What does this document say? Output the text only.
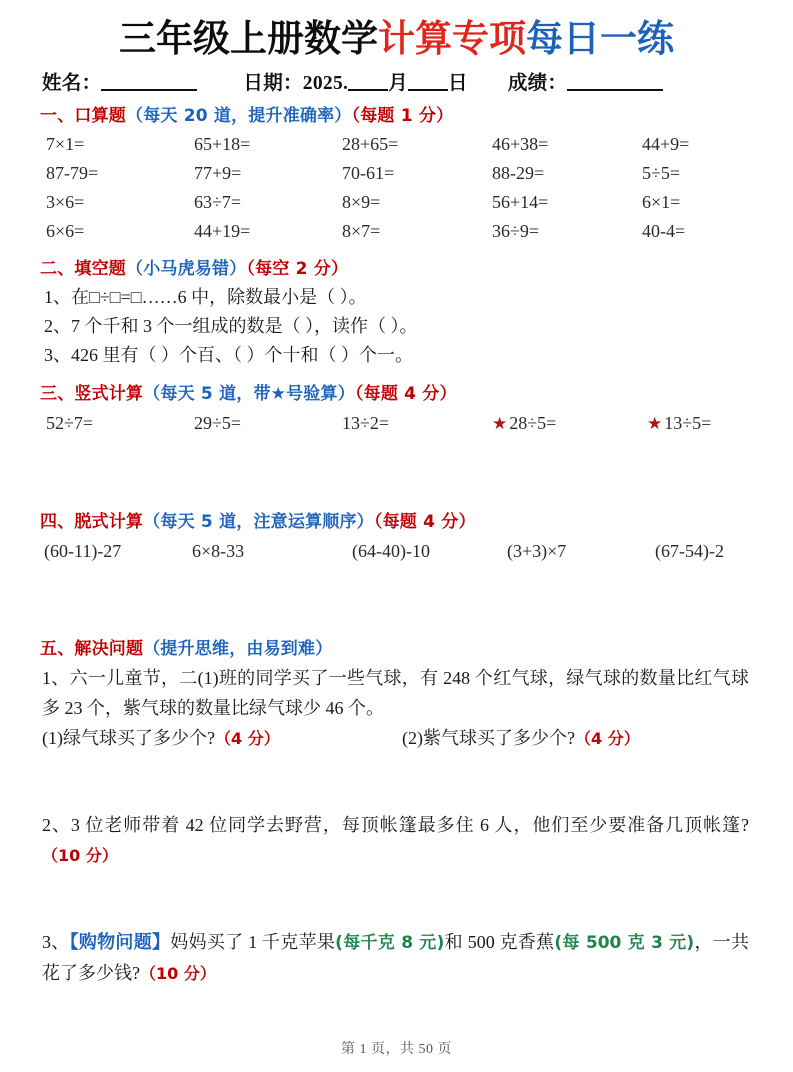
三年级上册数学计算专项每日一练
姓名：	日期：2025. 月 日 成绩：
一、口算题（每天 20 道，提升准确率）（每题 1 分）
7×1=	65+18=	28+65=	46+38=	44+9=
87-79=	77+9=	70-61=	88-29=	5÷5=
3×6=	63÷7=	8×9=	56+14=	6×1=
6×6=	44+19=	8×7=	36÷9=	40-4=
二、填空题（小马虎易错）（每空 2 分）
1、在□÷□=□……6 中，除数最小是（ ）。
2、7 个千和 3 个一组成的数是（ ），读作（ ）。
3、426 里有（ ）个百、（ ）个十和（ ）个一。
三、竖式计算（每天 5 道，带★号验算）（每题 4 分）
52÷7=	29÷5=	13÷2=	★ 28÷5=	★ 13÷5=
四、脱式计算（每天 5 道，注意运算顺序）（每题 4 分）
(60-11)-27	6×8-33	(64-40)-10	(3+3)×7	(67-54)-2
五、解决问题（提升思维，由易到难）
1、六一儿童节，二(1)班的同学买了一些气球，有 248 个红气球，绿气球的数量比红气球多 23 个，紫气球的数量比绿气球少 46 个。
(1)绿气球买了多少个?（4 分）	(2)紫气球买了多少个?（4 分）
2、3 位老师带着 42 位同学去野营，每顶帐篷最多住 6 人，他们至少要准备几顶帐篷?（10 分）
3、【购物问题】妈妈买了 1 千克苹果(每千克 8 元)和 500 克香蕉(每 500 克 3 元)，一共花了多少钱?（10 分）
第 1 页，共 50 页
